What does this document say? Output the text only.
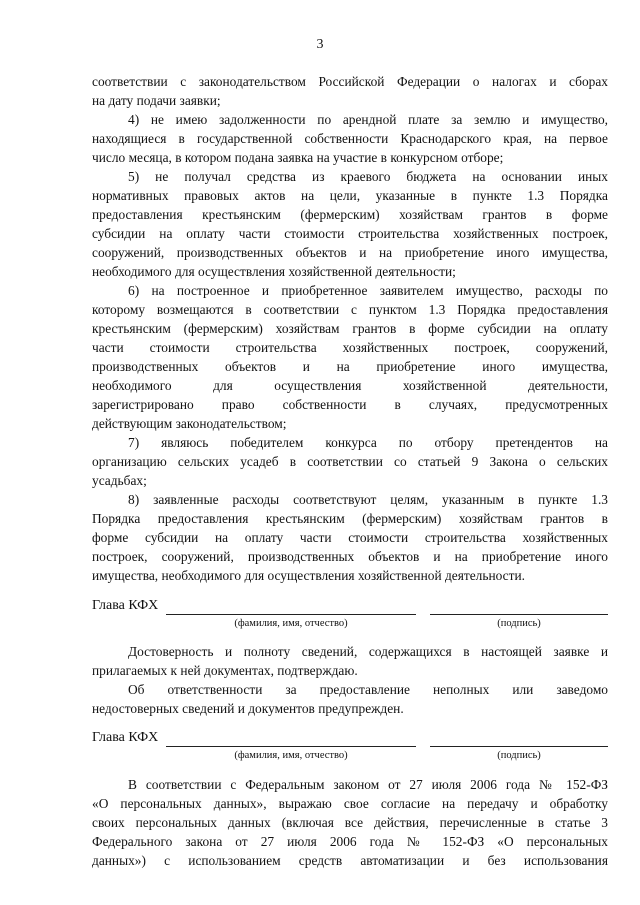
3
соответствии с законодательством Российской Федерации о налогах и сборах
на дату подачи заявки;
4) не имею задолженности по арендной плате за землю и имущество,
находящиеся в государственной собственности Краснодарского края, на первое
число месяца, в котором подана заявка на участие в конкурсном отборе;
5) не получал средства из краевого бюджета на основании иных
нормативных правовых актов на цели, указанные в пункте 1.3 Порядка
предоставления крестьянским (фермерским) хозяйствам грантов в форме
субсидии на оплату части стоимости строительства хозяйственных построек,
сооружений, производственных объектов и на приобретение иного имущества,
необходимого для осуществления хозяйственной деятельности;
6) на построенное и приобретенное заявителем имущество, расходы по
которому возмещаются в соответствии с пунктом 1.3 Порядка предоставления
крестьянским (фермерским) хозяйствам грантов в форме субсидии на оплату
части стоимости строительства хозяйственных построек, сооружений,
производственных объектов и на приобретение иного имущества,
необходимого для осуществления хозяйственной деятельности,
зарегистрировано право собственности в случаях, предусмотренных
действующим законодательством;
7) являюсь победителем конкурса по отбору претендентов на
организацию сельских усадеб в соответствии со статьей 9 Закона о сельских
усадьбах;
8) заявленные расходы соответствуют целям, указанным в пункте 1.3
Порядка предоставления крестьянским (фермерским) хозяйствам грантов в
форме субсидии на оплату части стоимости строительства хозяйственных
построек, сооружений, производственных объектов и на приобретение иного
имущества, необходимого для осуществления хозяйственной деятельности.
Глава КФХ
(фамилия, имя, отчество)	(подпись)
Достоверность и полноту сведений, содержащихся в настоящей заявке и
прилагаемых к ней документах, подтверждаю.
Об ответственности за предоставление неполных или заведомо
недостоверных сведений и документов предупрежден.
Глава КФХ
(фамилия, имя, отчество)	(подпись)
В соответствии с Федеральным законом от 27 июля 2006 года № 152-ФЗ
«О персональных данных», выражаю свое согласие на передачу и обработку
своих персональных данных (включая все действия, перечисленные в статье 3
Федерального закона от 27 июля 2006 года № 152-ФЗ «О персональных
данных») с использованием средств автоматизации и без использования
